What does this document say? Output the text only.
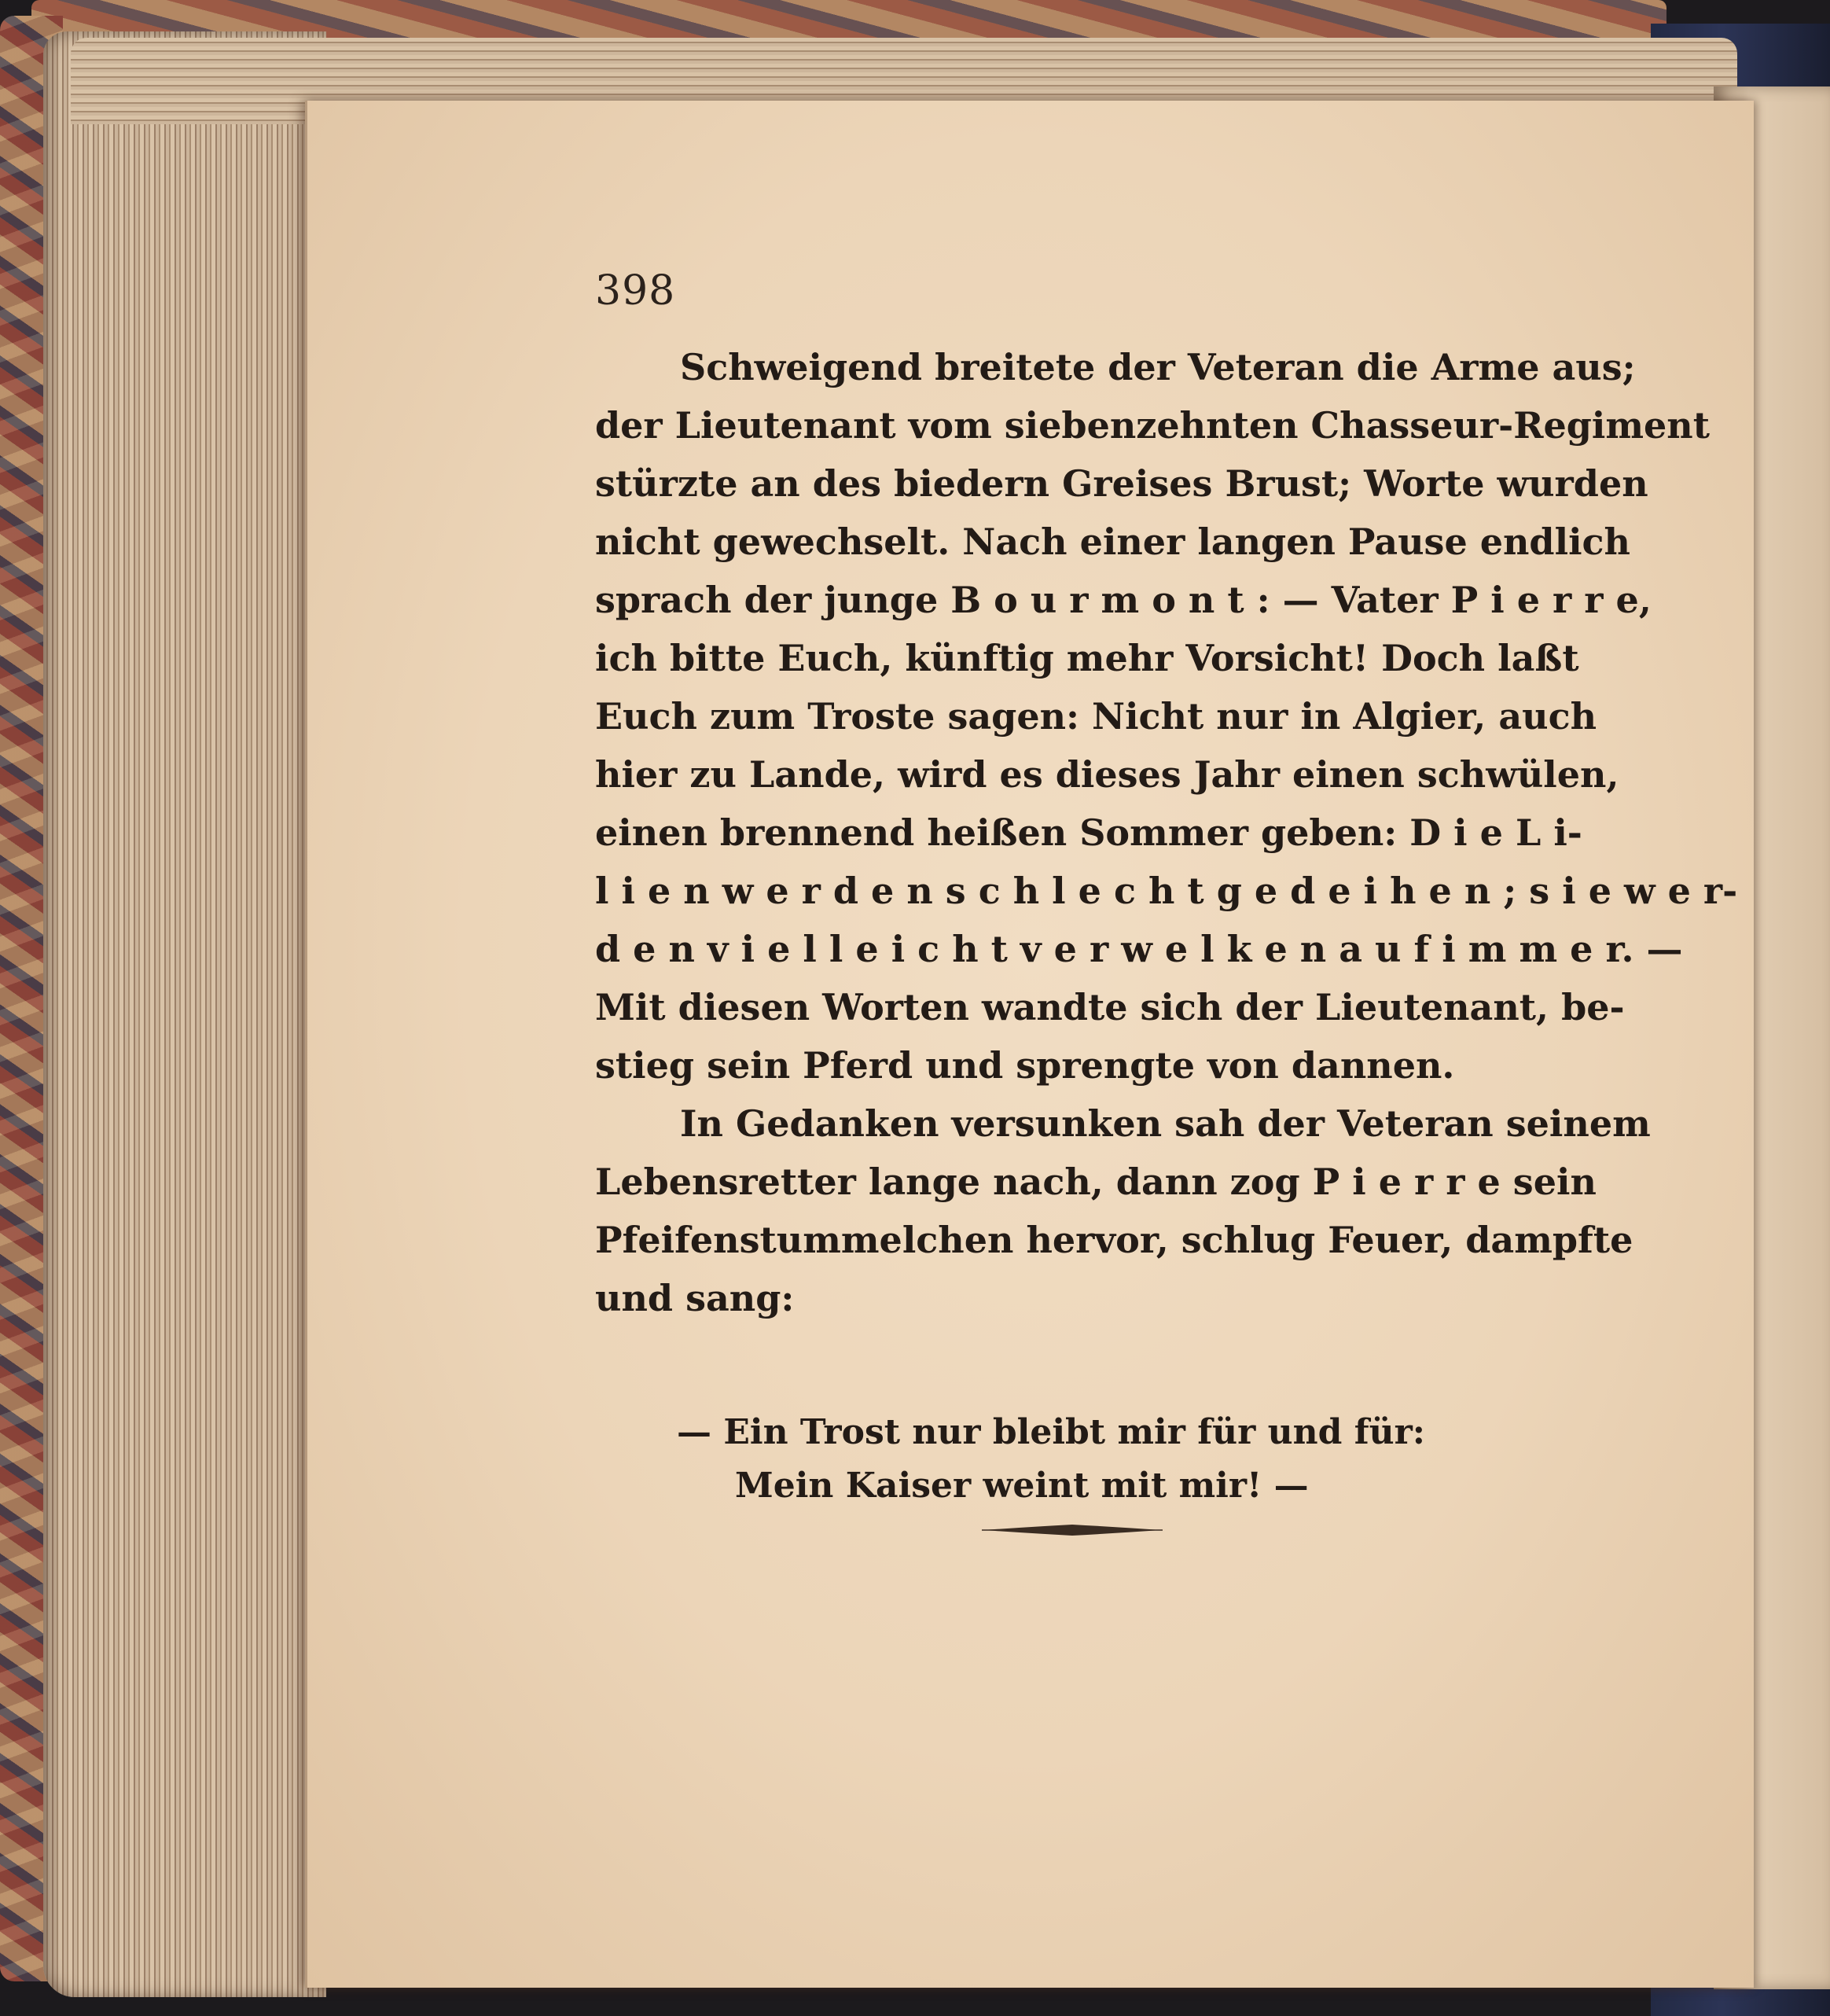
398
Schweigend breitete der Veteran die Arme aus;
der Lieutenant vom siebenzehnten Chasseur-Regiment
stürzte an des biedern Greises Brust; Worte wurden
nicht gewechselt. Nach einer langen Pause endlich
sprach der junge B o u r m o n t : — Vater P i e r r e,
ich bitte Euch, künftig mehr Vorsicht! Doch laßt
Euch zum Troste sagen: Nicht nur in Algier, auch
hier zu Lande, wird es dieses Jahr einen schwülen,
einen brennend heißen Sommer geben: D i e L i-
l i e n w e r d e n s c h l e c h t g e d e i h e n ; s i e w e r-
d e n v i e l l e i c h t v e r w e l k e n a u f i m m e r. —
Mit diesen Worten wandte sich der Lieutenant, be-
stieg sein Pferd und sprengte von dannen.
In Gedanken versunken sah der Veteran seinem
Lebensretter lange nach, dann zog P i e r r e sein
Pfeifenstummelchen hervor, schlug Feuer, dampfte
und sang:
— Ein Trost nur bleibt mir für und für:
Mein Kaiser weint mit mir! —
